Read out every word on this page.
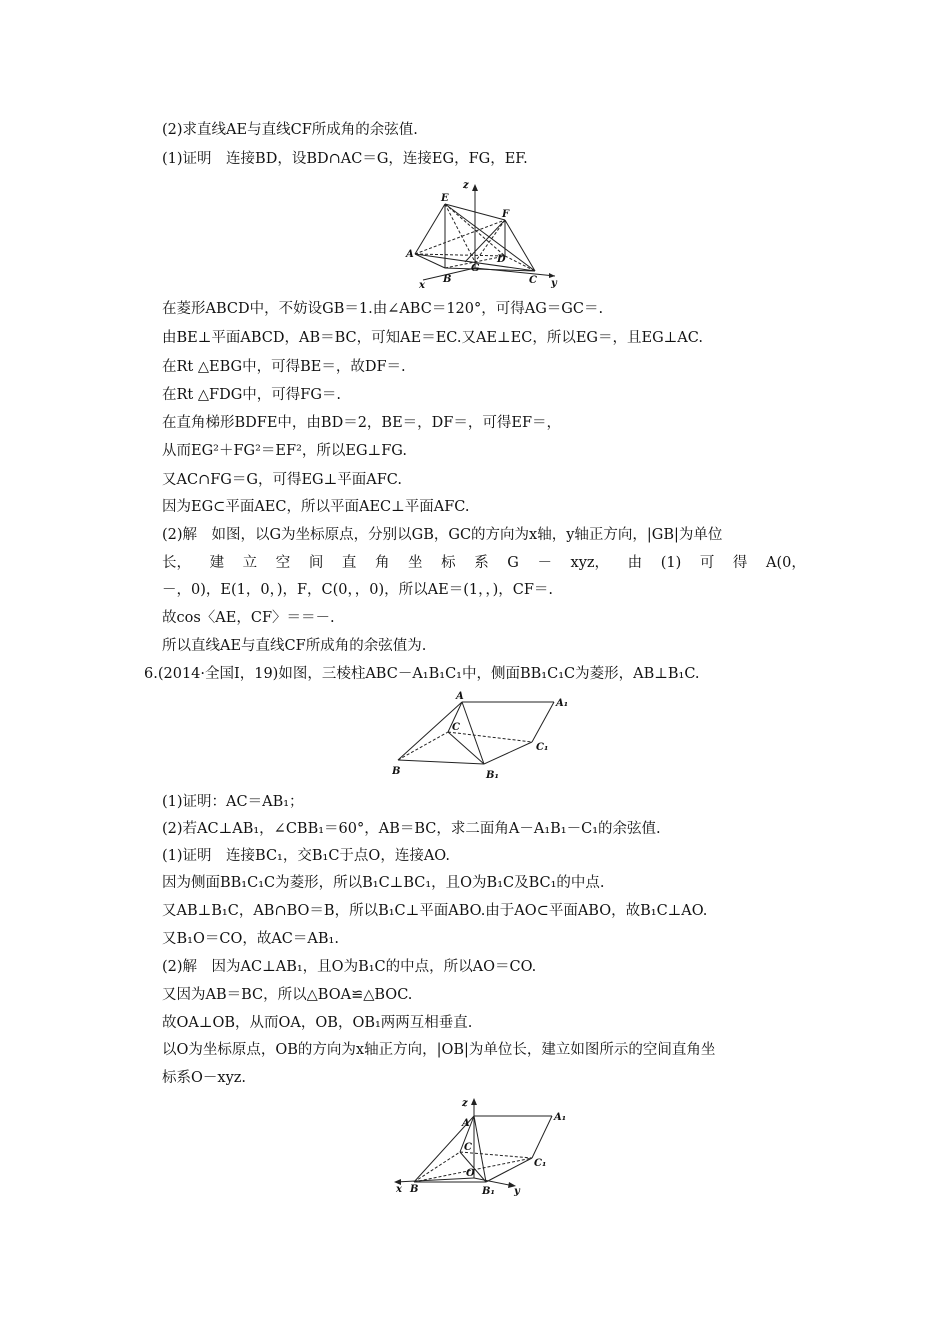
(2)求直线AE与直线CF所成角的余弦值.
(1)证明　连接BD，设BD∩AC＝G，连接EG，FG，EF.
z
E
F
A
G
D
B	C
x	y
在菱形ABCD中，不妨设GB＝1.由∠ABC＝120°，可得AG＝GC＝.
由BE⊥平面ABCD，AB＝BC，可知AE＝EC.又AE⊥EC，所以EG＝，且EG⊥AC.
在Rt △EBG中，可得BE＝，故DF＝.
在Rt △FDG中，可得FG＝.
在直角梯形BDFE中，由BD＝2，BE＝，DF＝，可得EF＝，
从而EG²＋FG²＝EF²，所以EG⊥FG.
又AC∩FG＝G，可得EG⊥平面AFC.
因为EG⊂平面AEC，所以平面AEC⊥平面AFC.
(2)解　如图，以G为坐标原点，分别以GB，GC的方向为x轴，y轴正方向，|GB|为单位
长， 建 立 空 间 直 角 坐 标 系 G － xyz， 由 (1) 可 得 A(0，
－，0)，E(1，0，)，F，C(0，，0)，所以AE＝(1，，)，CF＝.
故cos〈AE，CF〉＝＝－.
所以直线AE与直线CF所成角的余弦值为.
6.(2014·全国Ⅰ，19)如图，三棱柱ABC－A₁B₁C₁中，侧面BB₁C₁C为菱形，AB⊥B₁C.
A
A₁
C
C₁
B	B₁
(1)证明：AC＝AB₁；
(2)若AC⊥AB₁，∠CBB₁＝60°，AB＝BC，求二面角A－A₁B₁－C₁的余弦值.
(1)证明　连接BC₁，交B₁C于点O，连接AO.
因为侧面BB₁C₁C为菱形，所以B₁C⊥BC₁，且O为B₁C及BC₁的中点.
又AB⊥B₁C，AB∩BO＝B，所以B₁C⊥平面ABO.由于AO⊂平面ABO，故B₁C⊥AO.
又B₁O＝CO，故AC＝AB₁.
(2)解　因为AC⊥AB₁，且O为B₁C的中点，所以AO＝CO.
又因为AB＝BC，所以△BOA≌△BOC.
故OA⊥OB，从而OA，OB，OB₁两两互相垂直.
以O为坐标原点，OB的方向为x轴正方向，|OB|为单位长，建立如图所示的空间直角坐
标系O－xyz.
z
A
A₁
C
C₁
O
x B	B₁ y
